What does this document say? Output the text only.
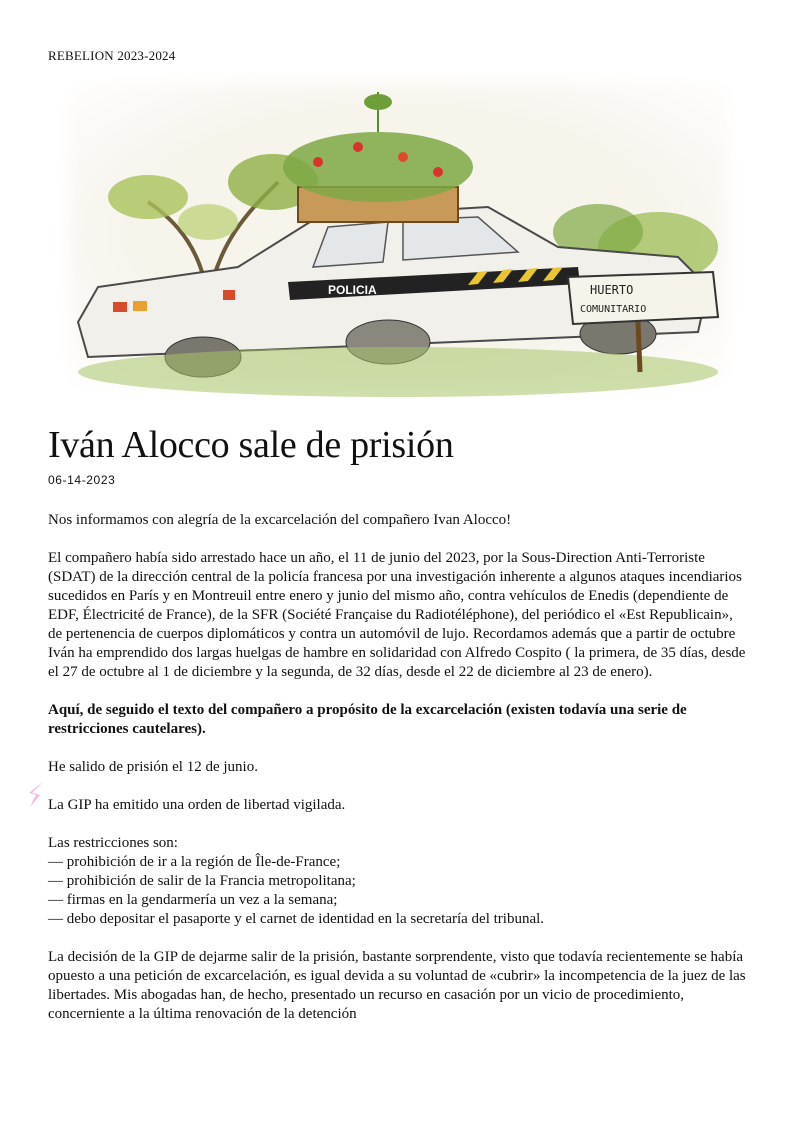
REBELION 2023-2024
POLICIA	HUERTO
COMUNITARIO
Iván Alocco sale de prisión
06-14-2023

Nos informamos con alegría de la excarcelación del compañero Ivan Alocco!

El compañero había sido arrestado hace un año, el 11 de junio del 2023, por la Sous-Direction Anti-Terroriste (SDAT) de la dirección central de la policía francesa por una investigación inherente a algunos ataques incendiarios sucedidos en París y en Montreuil entre enero y junio del mismo año, contra vehículos de Enedis (dependiente de EDF, Électricité de France), de la SFR (Société Française du Radiotéléphone), del periódico el «Est Republicain», de pertenencia de cuerpos diplomáticos y contra un automóvil de lujo. Recordamos además que a partir de octubre Iván ha emprendido dos largas huelgas de hambre en solidaridad con Alfredo Cospito ( la primera, de 35 días, desde el 27 de octubre al 1 de diciembre y la segunda, de 32 días, desde el 22 de diciembre al 23 de enero).

Aquí, de seguido el texto del compañero a propósito de la excarcelación (existen todavía una serie de restricciones cautelares).

He salido de prisión el 12 de junio.

La GIP ha emitido una orden de libertad vigilada.

Las restricciones son:
— prohibición de ir a la región de Île-de-France;
— prohibición de salir de la Francia metropolitana;
— firmas en la gendarmería un vez a la semana;
— debo depositar el pasaporte y el carnet de identidad en la secretaría del tribunal.

La decisión de la GIP de dejarme salir de la prisión, bastante sorprendente, visto que todavía recientemente se había opuesto a una petición de excarcelación, es igual devida a su voluntad de «cubrir» la incompetencia de la juez de las libertades. Mis abogadas han, de hecho, presentado un recurso en casación por un vicio de procedimiento, concerniente a la última renovación de la detención
